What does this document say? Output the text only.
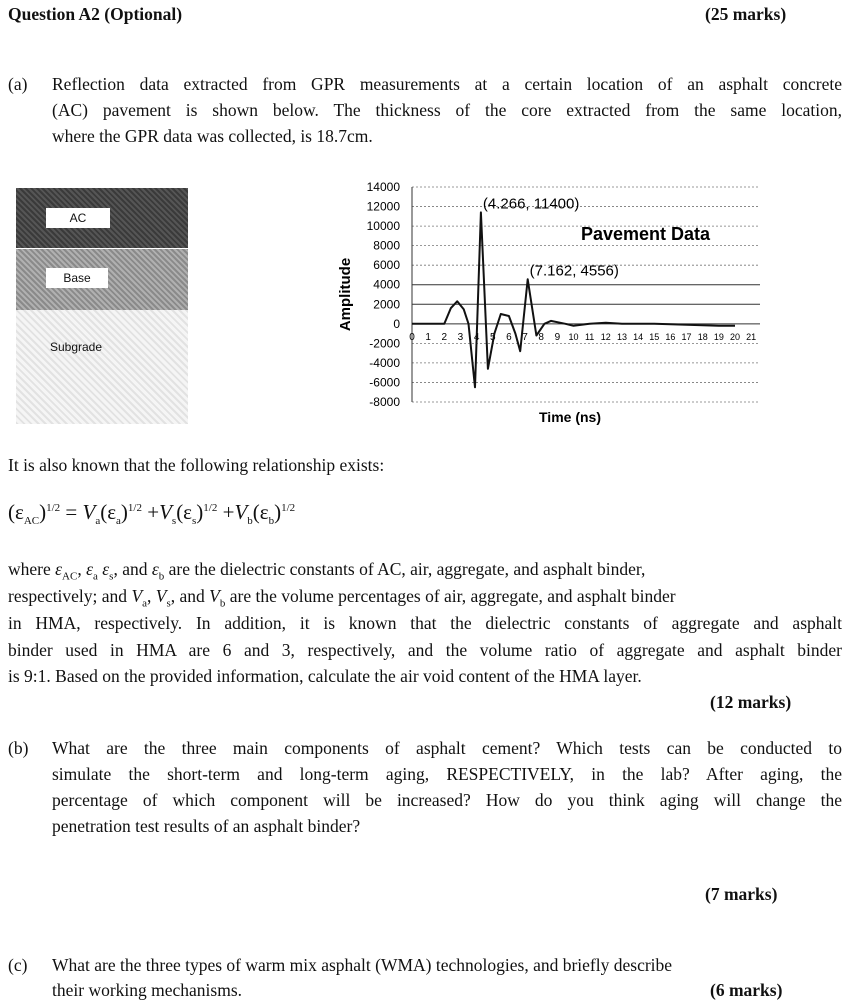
Question A2 (Optional)	(25 marks)
(a) Reflection data extracted from GPR measurements at a certain location of an asphalt concrete
(AC) pavement is shown below. The thickness of the core extracted from the same location,
where the GPR data was collected, is 18.7cm.
AC
Base
Subgrade
14000
12000
10000
8000
6000
4000
2000
0
-2000
-4000
-6000
-8000
0 1 2 3 4 5 6 7 8 9 10 11 12 13 14 15 16 17 18 19 20 21
(4.266, 11400)
(7.162, 4556)
Pavement Data
Time (ns)
Amplitude
It is also known that the following relationship exists:
$(\varepsilon_{AC})^{1/2} = V_a(\varepsilon_a)^{1/2} +V_s(\varepsilon_s)^{1/2} +V_b(\varepsilon_b)^{1/2}$
where $\varepsilon_{AC}$, $\varepsilon_a$ $\varepsilon_s$, and $\varepsilon_b$ are the dielectric constants of AC, air, aggregate, and asphalt binder,
respectively; and $V_a$, $V_s$, and $V_b$ are the volume percentages of air, aggregate, and asphalt binder
in HMA, respectively. In addition, it is known that the dielectric constants of aggregate and asphalt
binder used in HMA are 6 and 3, respectively, and the volume ratio of aggregate and asphalt binder
is 9:1. Based on the provided information, calculate the air void content of the HMA layer.
(12 marks)
(b) What are the three main components of asphalt cement? Which tests can be conducted to
simulate the short-term and long-term aging, RESPECTIVELY, in the lab? After aging, the
percentage of which component will be increased? How do you think aging will change the
penetration test results of an asphalt binder?
(7 marks)
(c) What are the three types of warm mix asphalt (WMA) technologies, and briefly describe
their working mechanisms.	(6 marks)
